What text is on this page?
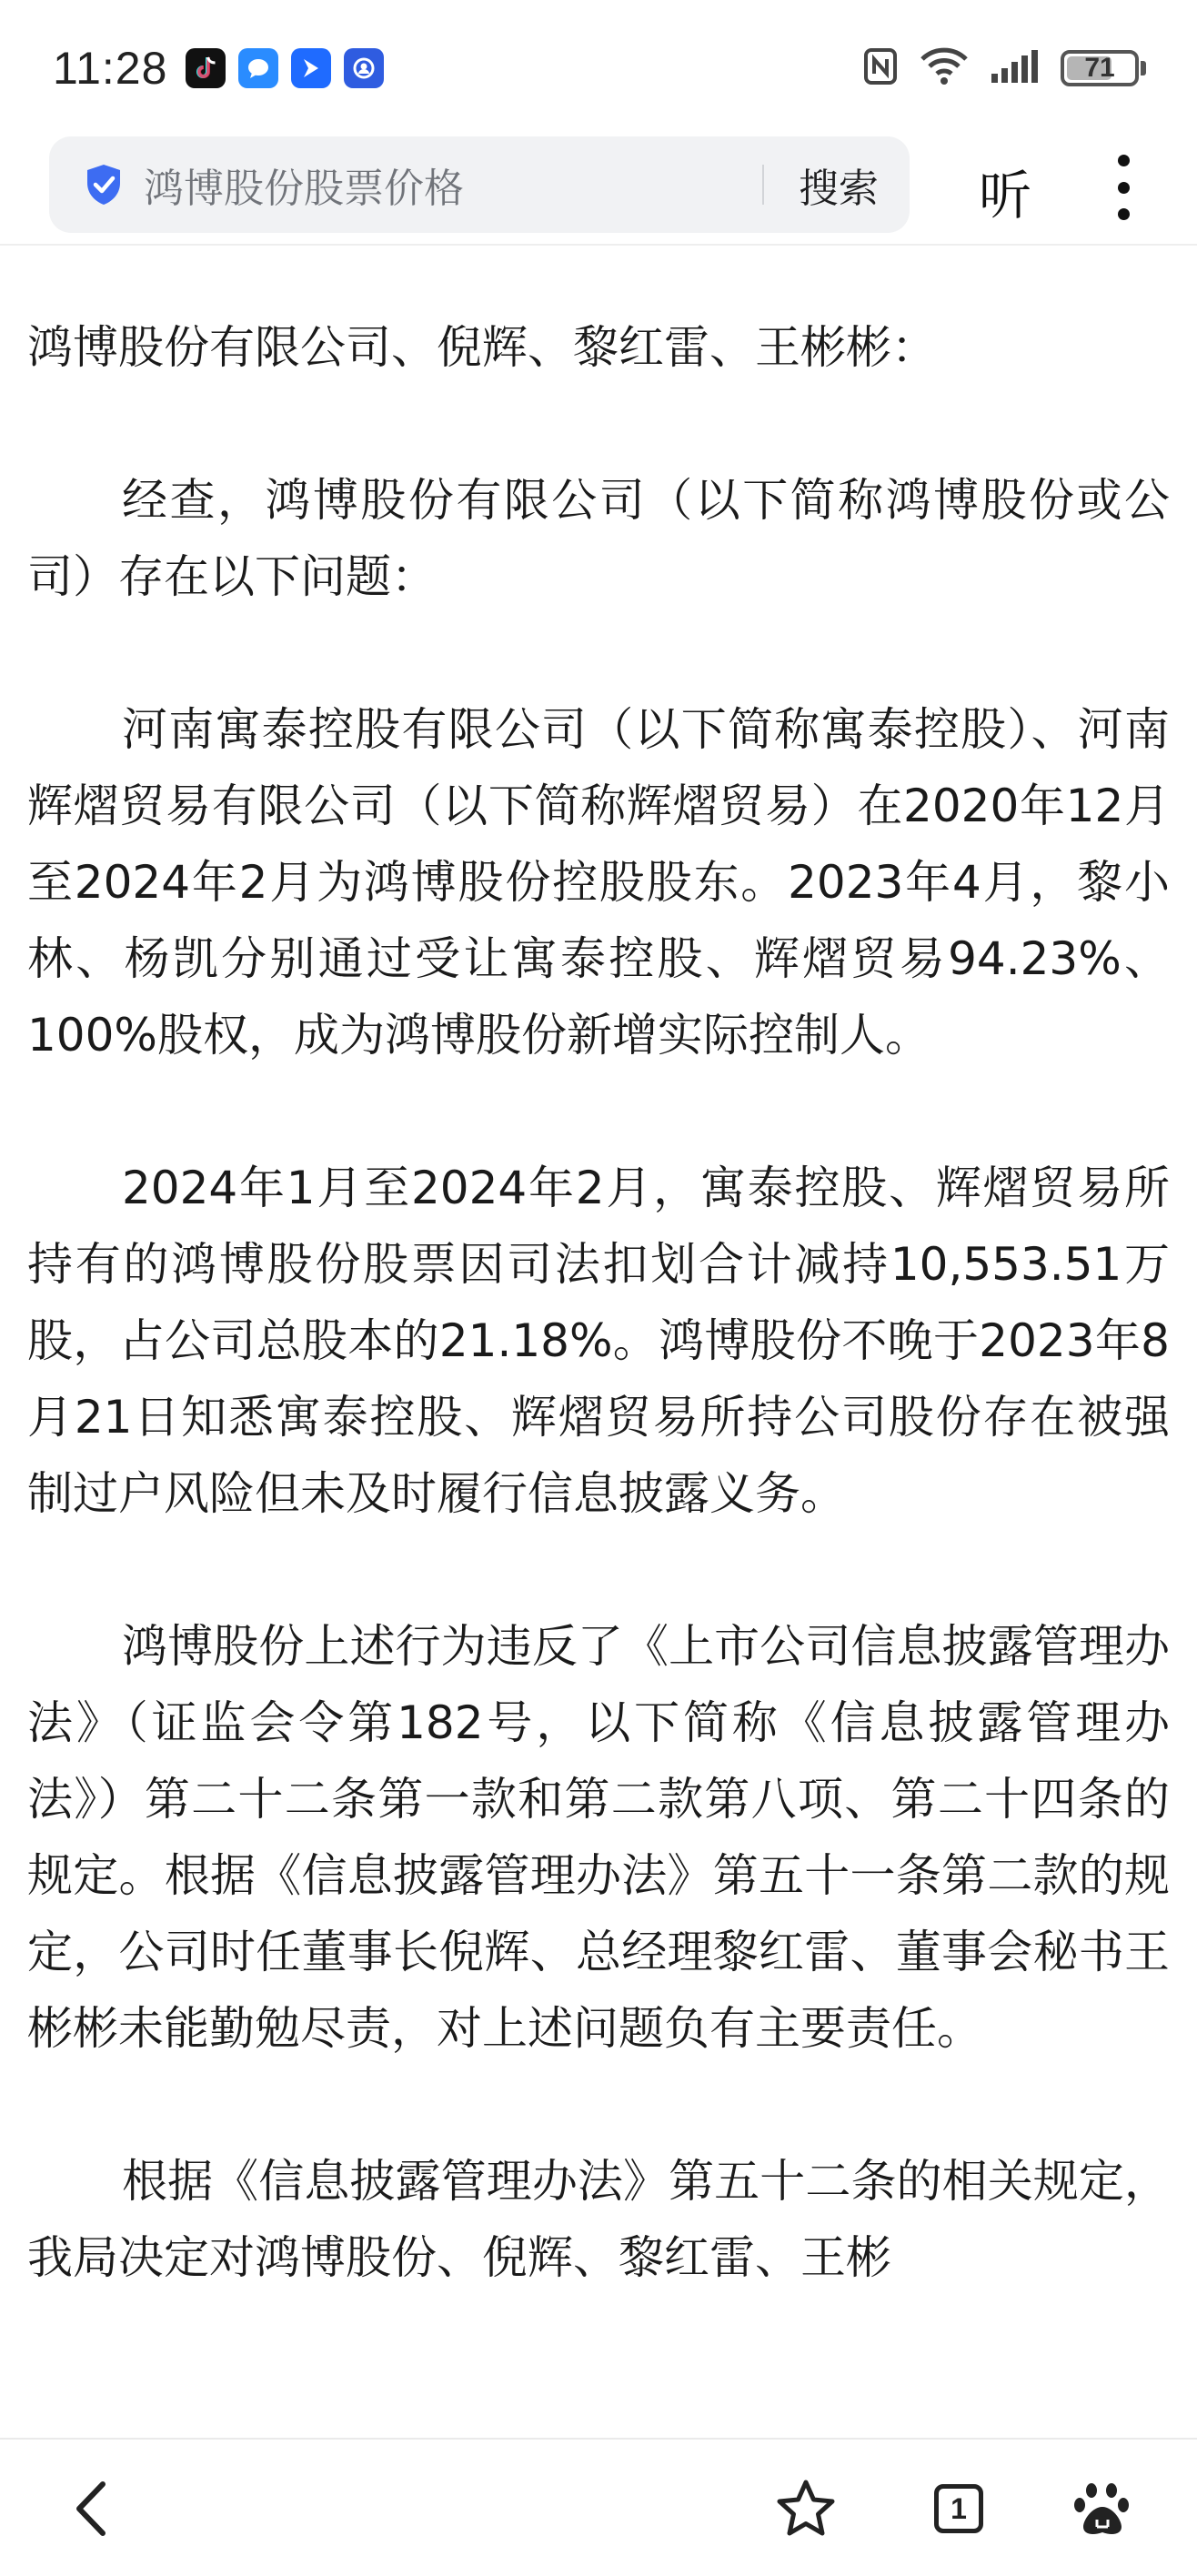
11:28	71
鸿博股份股票价格	搜索 听

鸿博股份有限公司、倪辉、黎红雷、王彬彬：

经查，鸿博股份有限公司（以下简称鸿博股份或公司）存在以下问题：

河南寓泰控股有限公司（以下简称寓泰控股）、河南辉熠贸易有限公司（以下简称辉熠贸易）在2020年12月至2024年2月为鸿博股份控股股东。2023年4月，黎小林、杨凯分别通过受让寓泰控股、辉熠贸易94.23%、100%股权，成为鸿博股份新增实际控制人。

2024年1月至2024年2月，寓泰控股、辉熠贸易所持有的鸿博股份股票因司法扣划合计减持10,553.51万股，占公司总股本的21.18%。鸿博股份不晚于2023年8月21日知悉寓泰控股、辉熠贸易所持公司股份存在被强制过户风险但未及时履行信息披露义务。

鸿博股份上述行为违反了《上市公司信息披露管理办法》（证监会令第182号，以下简称《信息披露管理办法》）第二十二条第一款和第二款第八项、第二十四条的规定。根据《信息披露管理办法》第五十一条第二款的规定，公司时任董事长倪辉、总经理黎红雷、董事会秘书王彬彬未能勤勉尽责，对上述问题负有主要责任。

根据《信息披露管理办法》第五十二条的相关规定，我局决定对鸿博股份、倪辉、黎红雷、王彬

1
